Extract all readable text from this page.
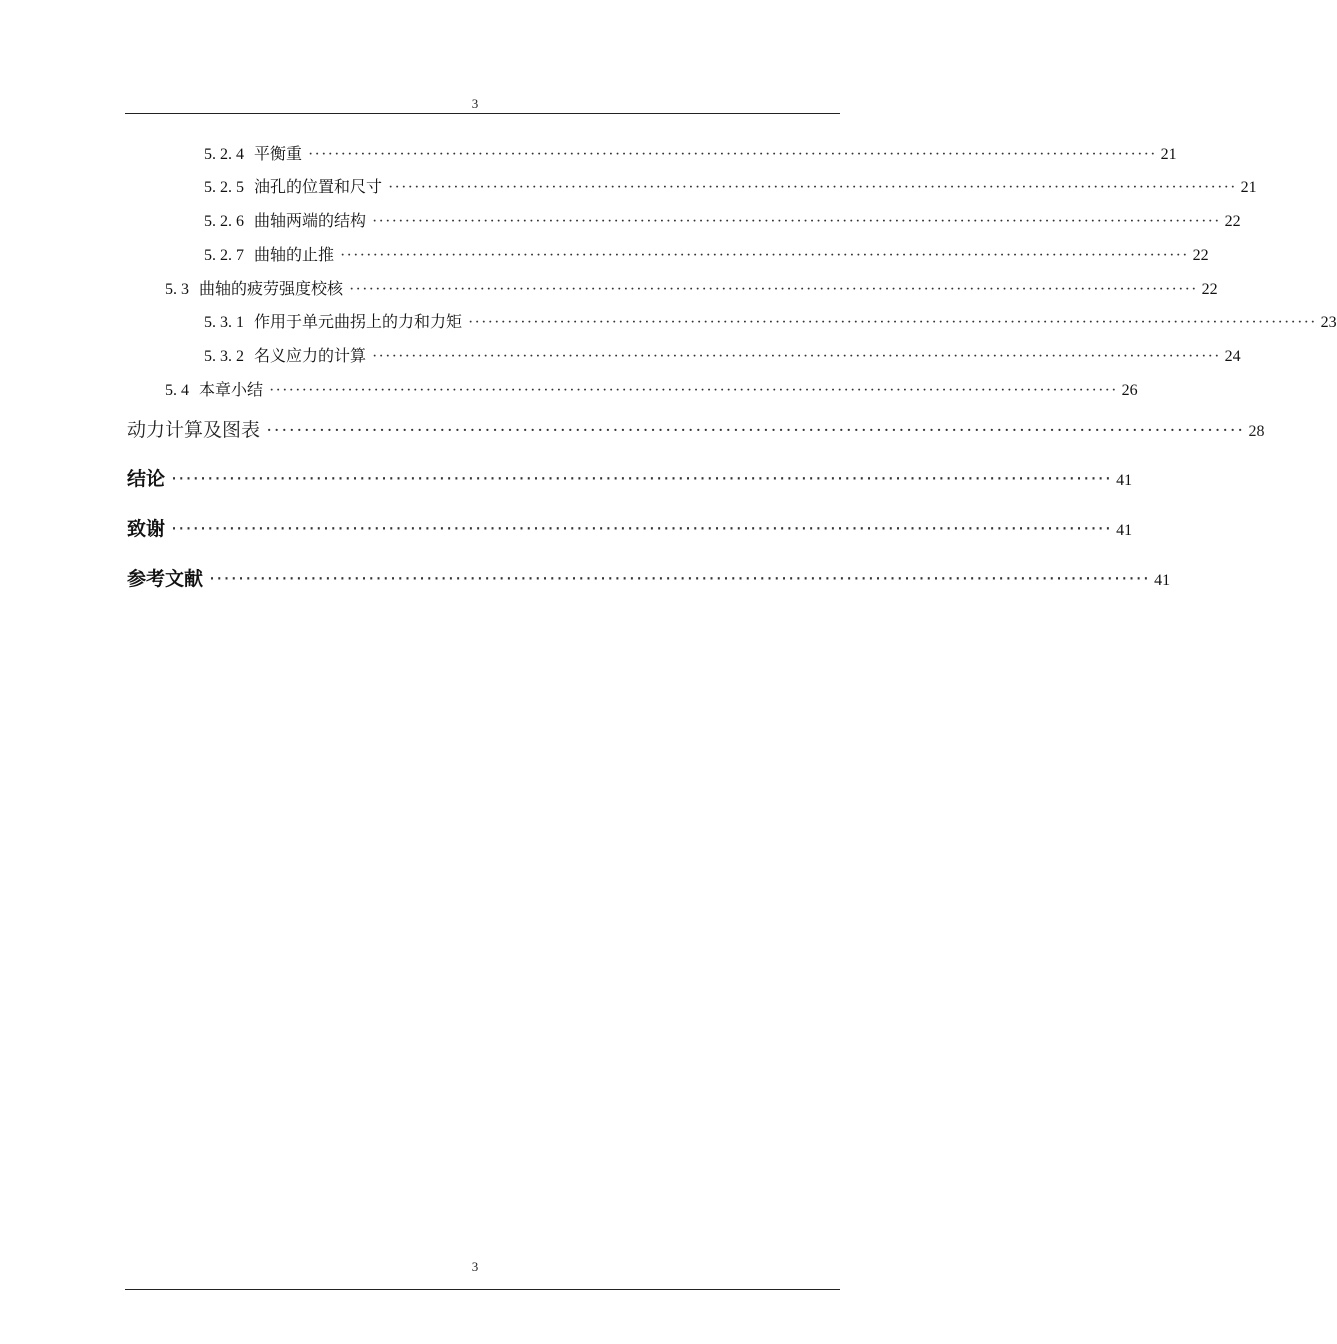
3
5. 2. 4 平衡重 ·································································································································· 21
5. 2. 5 油孔的位置和尺寸 ·································································································································· 21
5. 2. 6 曲轴两端的结构 ·································································································································· 22
5. 2. 7 曲轴的止推 ·································································································································· 22
5. 3 曲轴的疲劳强度校核 ·································································································································· 22
5. 3. 1 作用于单元曲拐上的力和力矩 ·································································································································· 23
5. 3. 2 名义应力的计算 ·································································································································· 24
5. 4 本章小结 ·································································································································· 26
动力计算及图表 ·································································································································· 28
结论 ·································································································································· 41
致谢 ·································································································································· 41
参考文献 ·································································································································· 41
3
